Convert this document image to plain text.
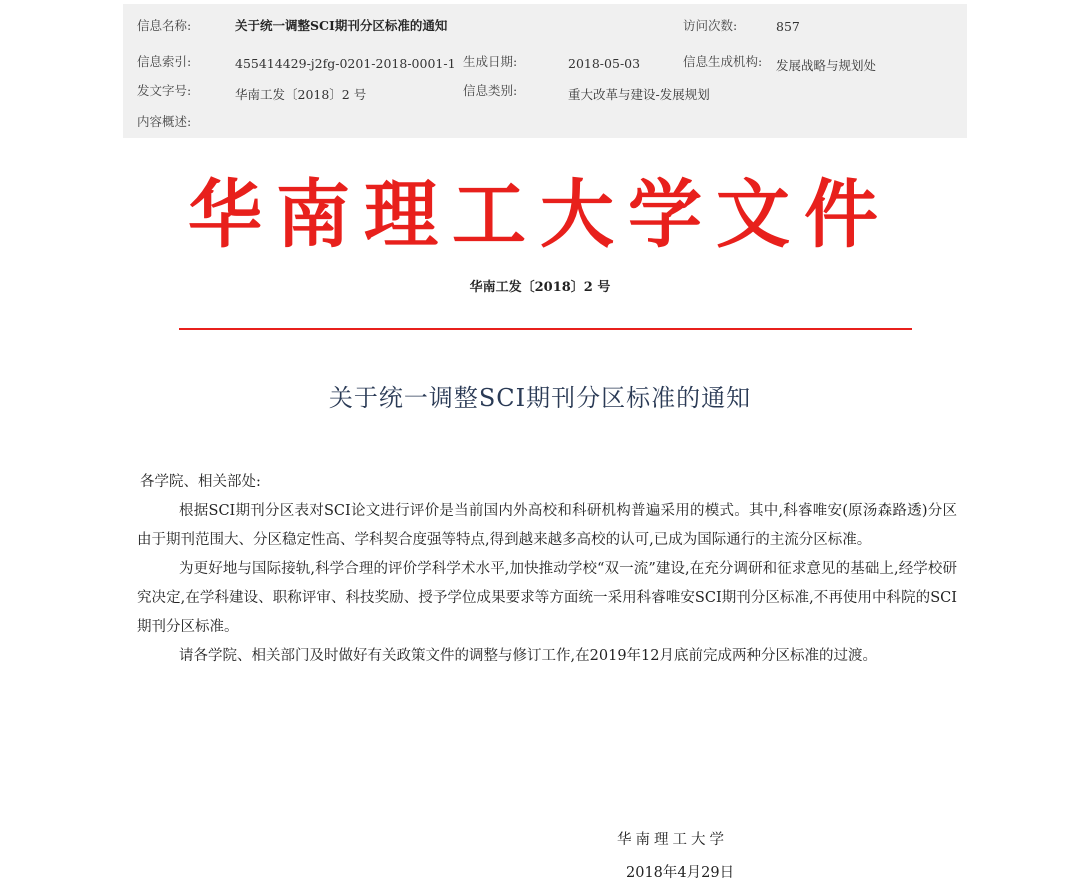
信息名称:	关于统一调整SCI期刊分区标准的通知	访问次数:	857
信息索引:	455414429-j2fg-0201-2018-0001-1 生成日期:	2018-05-03	信息生成机构: 发展战略与规划处
发文字号:	华南工发〔2018〕2 号	信息类别:	重大改革与建设-发展规划
内容概述:
华南理工大学文件
华南工发〔2018〕2 号
关于统一调整SCI期刊分区标准的通知
各学院、相关部处:

根据SCI期刊分区表对SCI论文进行评价是当前国内外高校和科研机构普遍采用的模式。其中,科睿唯安(原汤森路透)分区由于期刊范围大、分区稳定性高、学科契合度强等特点,得到越来越多高校的认可,已成为国际通行的主流分区标准。

为更好地与国际接轨,科学合理的评价学科学术水平,加快推动学校“双一流”建设,在充分调研和征求意见的基础上,经学校研究决定,在学科建设、职称评审、科技奖励、授予学位成果要求等方面统一采用科睿唯安SCI期刊分区标准,不再使用中科院的SCI期刊分区标准。

请各学院、相关部门及时做好有关政策文件的调整与修订工作,在2019年12月底前完成两种分区标准的过渡。

华南理工大学
2018年4月29日
